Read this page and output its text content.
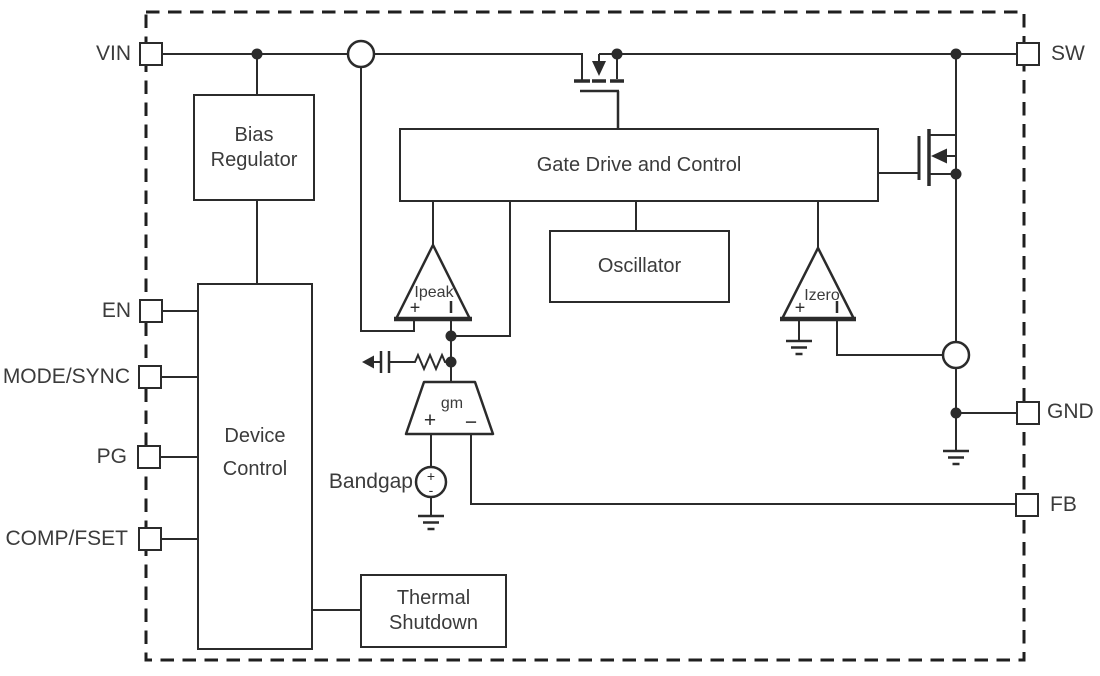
Bias
Regulator
Device
Control
Gate Drive and Control
Oscillator
Thermal
Shutdown
VIN
EN
MODE/SYNC
PG
COMP/FSET
SW
GND
FB
Ipeak
+
Izero
+
gm
+ −
Bandgap +
-
